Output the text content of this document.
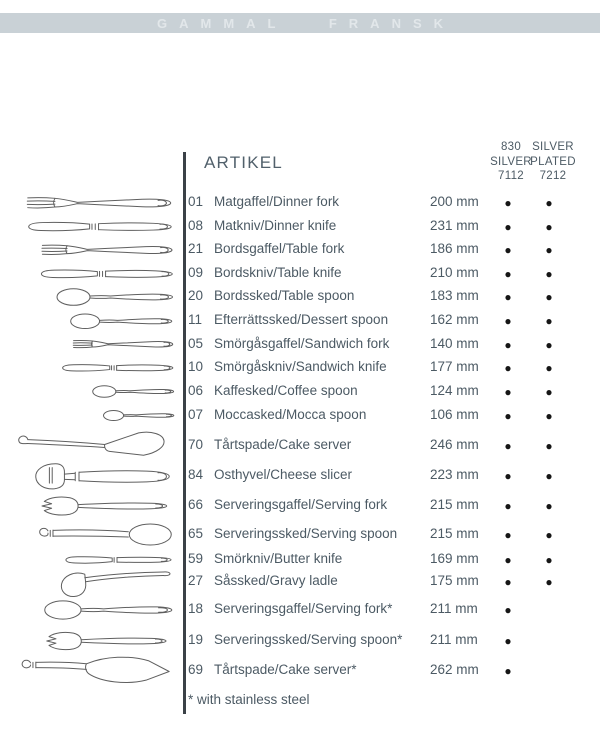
GAMMAL FRANSK
ARTIKEL
830
SILVER
7112
SILVER
PLATED
7212
01 Matgaffel/Dinner fork	200 mm	●	●
08 Matkniv/Dinner knife	231 mm	●	●
21 Bordsgaffel/Table fork	186 mm	●	●
09 Bordskniv/Table knife	210 mm	●	●
20 Bordssked/Table spoon	183 mm	●	●
11 Efterrättssked/Dessert spoon	162 mm	●	●
05 Smörgåsgaffel/Sandwich fork	140 mm	●	●
10 Smörgåskniv/Sandwich knife	177 mm	●	●
06 Kaffesked/Coffee spoon	124 mm	●	●
07 Moccasked/Mocca spoon	106 mm	●	●
70 Tårtspade/Cake server	246 mm	●	●
84 Osthyvel/Cheese slicer	223 mm	●	●
66 Serveringsgaffel/Serving fork	215 mm	●	●
65 Serveringssked/Serving spoon 215 mm	●	●
59 Smörkniv/Butter knife	169 mm	●	●
27 Såssked/Gravy ladle	175 mm	●	●
18 Serveringsgaffel/Serving fork*	211 mm	●
19 Serveringssked/Serving spoon* 211 mm	●
69 Tårtspade/Cake server*	262 mm	●
* with stainless steel
